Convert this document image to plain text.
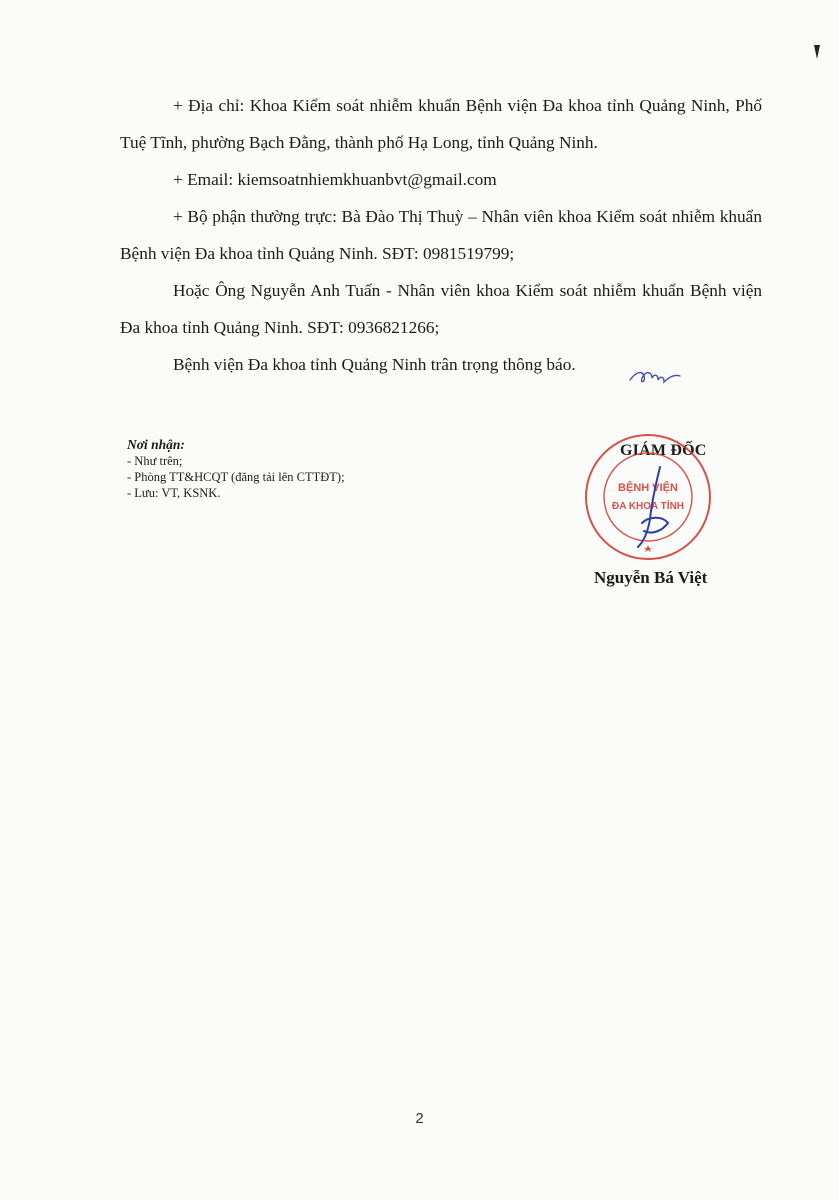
+ Địa chỉ: Khoa Kiểm soát nhiễm khuẩn Bệnh viện Đa khoa tỉnh Quảng Ninh, Phố Tuệ Tĩnh, phường Bạch Đằng, thành phố Hạ Long, tỉnh Quảng Ninh.

+ Email: kiemsoatnhiemkhuanbvt@gmail.com

+ Bộ phận thường trực: Bà Đào Thị Thuỳ – Nhân viên khoa Kiểm soát nhiễm khuẩn Bệnh viện Đa khoa tỉnh Quảng Ninh. SĐT: 0981519799;

Hoặc Ông Nguyễn Anh Tuấn - Nhân viên khoa Kiểm soát nhiễm khuẩn Bệnh viện Đa khoa tỉnh Quảng Ninh. SĐT: 0936821266;

Bệnh viện Đa khoa tỉnh Quảng Ninh trân trọng thông báo.

Nơi nhận:
- Như trên;
- Phòng TT&HCQT (đăng tải lên CTTĐT);
- Lưu: VT, KSNK.
GIÁM ĐỐC
BỆNH VIỆN
ĐA KHOA TỈNH
Nguyễn Bá Việt
2
